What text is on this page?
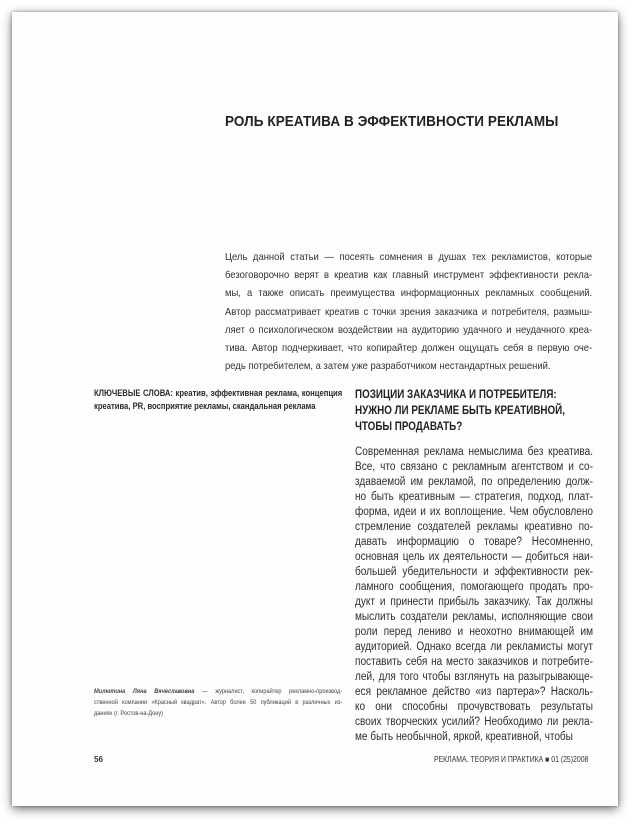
РОЛЬ КРЕАТИВА В ЭФФЕКТИВНОСТИ РЕКЛАМЫ
Цель данной статьи — посеять сомнения в душах тех рекламистов, которые
безоговорочно верят в креатив как главный инструмент эффективности рекла-
мы, а также описать преимущества информационных рекламных сообщений.
Автор рассматривает креатив с точки зрения заказчика и потребителя, размыш-
ляет о психологическом воздействии на аудиторию удачного и неудачного креа-
тива. Автор подчеркивает, что копирайтер должен ощущать себя в первую оче-
редь потребителем, а затем уже разработчиком нестандартных решений.
КЛЮЧЕВЫЕ СЛОВА: креатив, эффективная реклама, концепция
креатива, PR, восприятие рекламы, скандальная реклама
ПОЗИЦИИ ЗАКАЗЧИКА И ПОТРЕБИТЕЛЯ:
НУЖНО ЛИ РЕКЛАМЕ БЫТЬ КРЕАТИВНОЙ,
ЧТОБЫ ПРОДАВАТЬ?
Современная реклама немыслима без креатива.
Все, что связано с рекламным агентством и со-
здаваемой им рекламой, по определению долж-
но быть креативным — стратегия, подход, плат-
форма, идеи и их воплощение. Чем обусловлено
стремление создателей рекламы креативно по-
давать информацию о товаре? Несомненно,
основная цель их деятельности — добиться наи-
большей убедительности и эффективности рек-
ламного сообщения, помогающего продать про-
дукт и принести прибыль заказчику. Так должны
мыслить создатели рекламы, исполняющие свои
роли перед лениво и неохотно внимающей им
аудиторией. Однако всегда ли рекламисты могут
поставить себя на место заказчиков и потребите-
лей, для того чтобы взглянуть на разыгрывающе-
еся рекламное действо «из партера»? Насколь-
ко они способны прочувствовать результаты
своих творческих усилий? Необходимо ли рекла-
ме быть необычной, яркой, креативной, чтобы
Милютина Ляна Вячеславовна — журналист, копирайтер рекламно-производ-
ственной компании «Красный квадрат». Автор более 50 публикаций в различных из-
даниях (г. Ростов-на-Дону)
56	РЕКЛАМА. ТЕОРИЯ И ПРАКТИКА ■ 01 (25)2008
